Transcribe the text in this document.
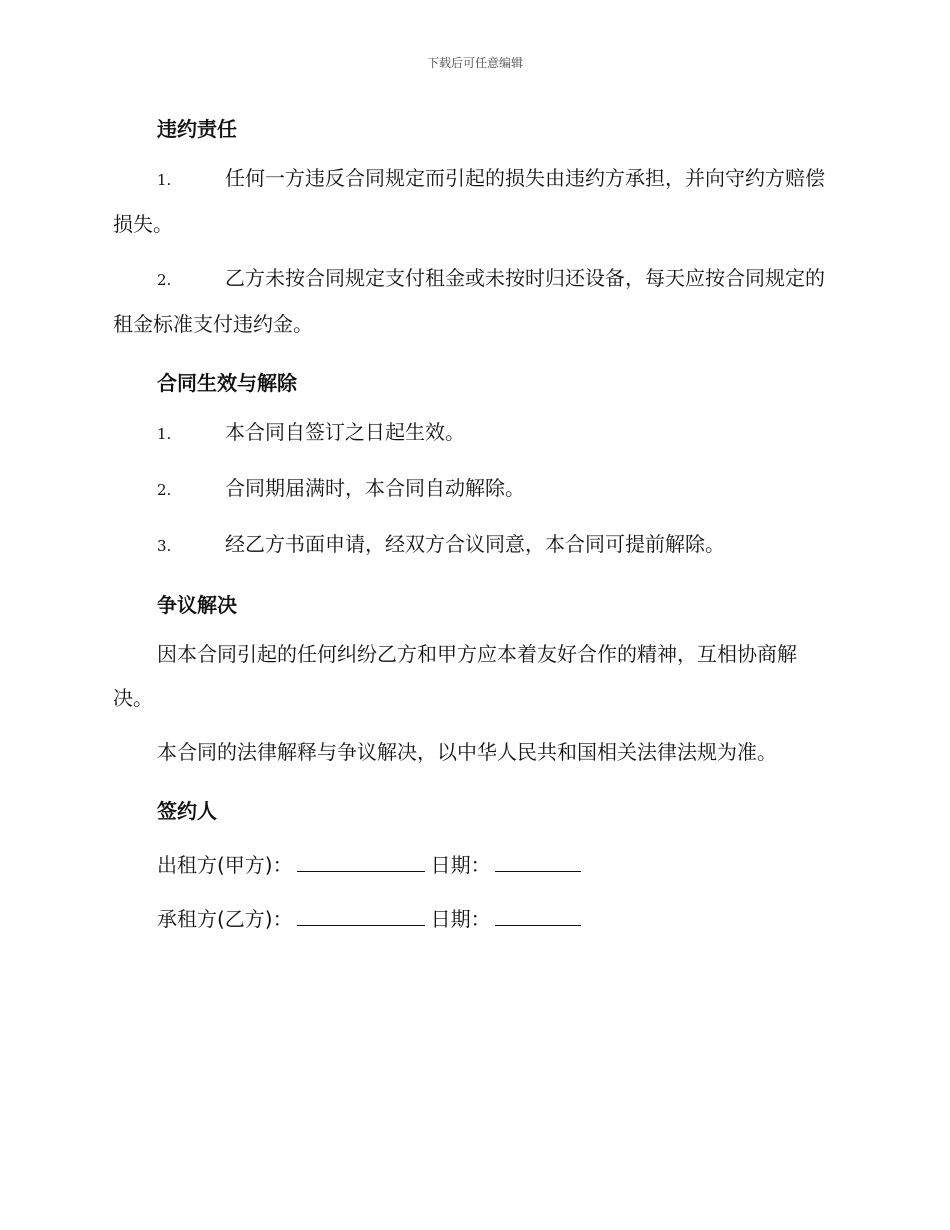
下载后可任意编辑
违约责任
1.	任何一方违反合同规定而引起的损失由违约方承担，并向守约方赔偿损失。
2.	乙方未按合同规定支付租金或未按时归还设备，每天应按合同规定的租金标准支付违约金。
合同生效与解除
1.	本合同自签订之日起生效。
2.	合同期届满时，本合同自动解除。
3.	经乙方书面申请，经双方合议同意，本合同可提前解除。
争议解决
因本合同引起的任何纠纷乙方和甲方应本着友好合作的精神，互相协商解决。
本合同的法律解释与争议解决，以中华人民共和国相关法律法规为准。
签约人
出租方(甲方)：	日期：
承租方(乙方)：	日期：
